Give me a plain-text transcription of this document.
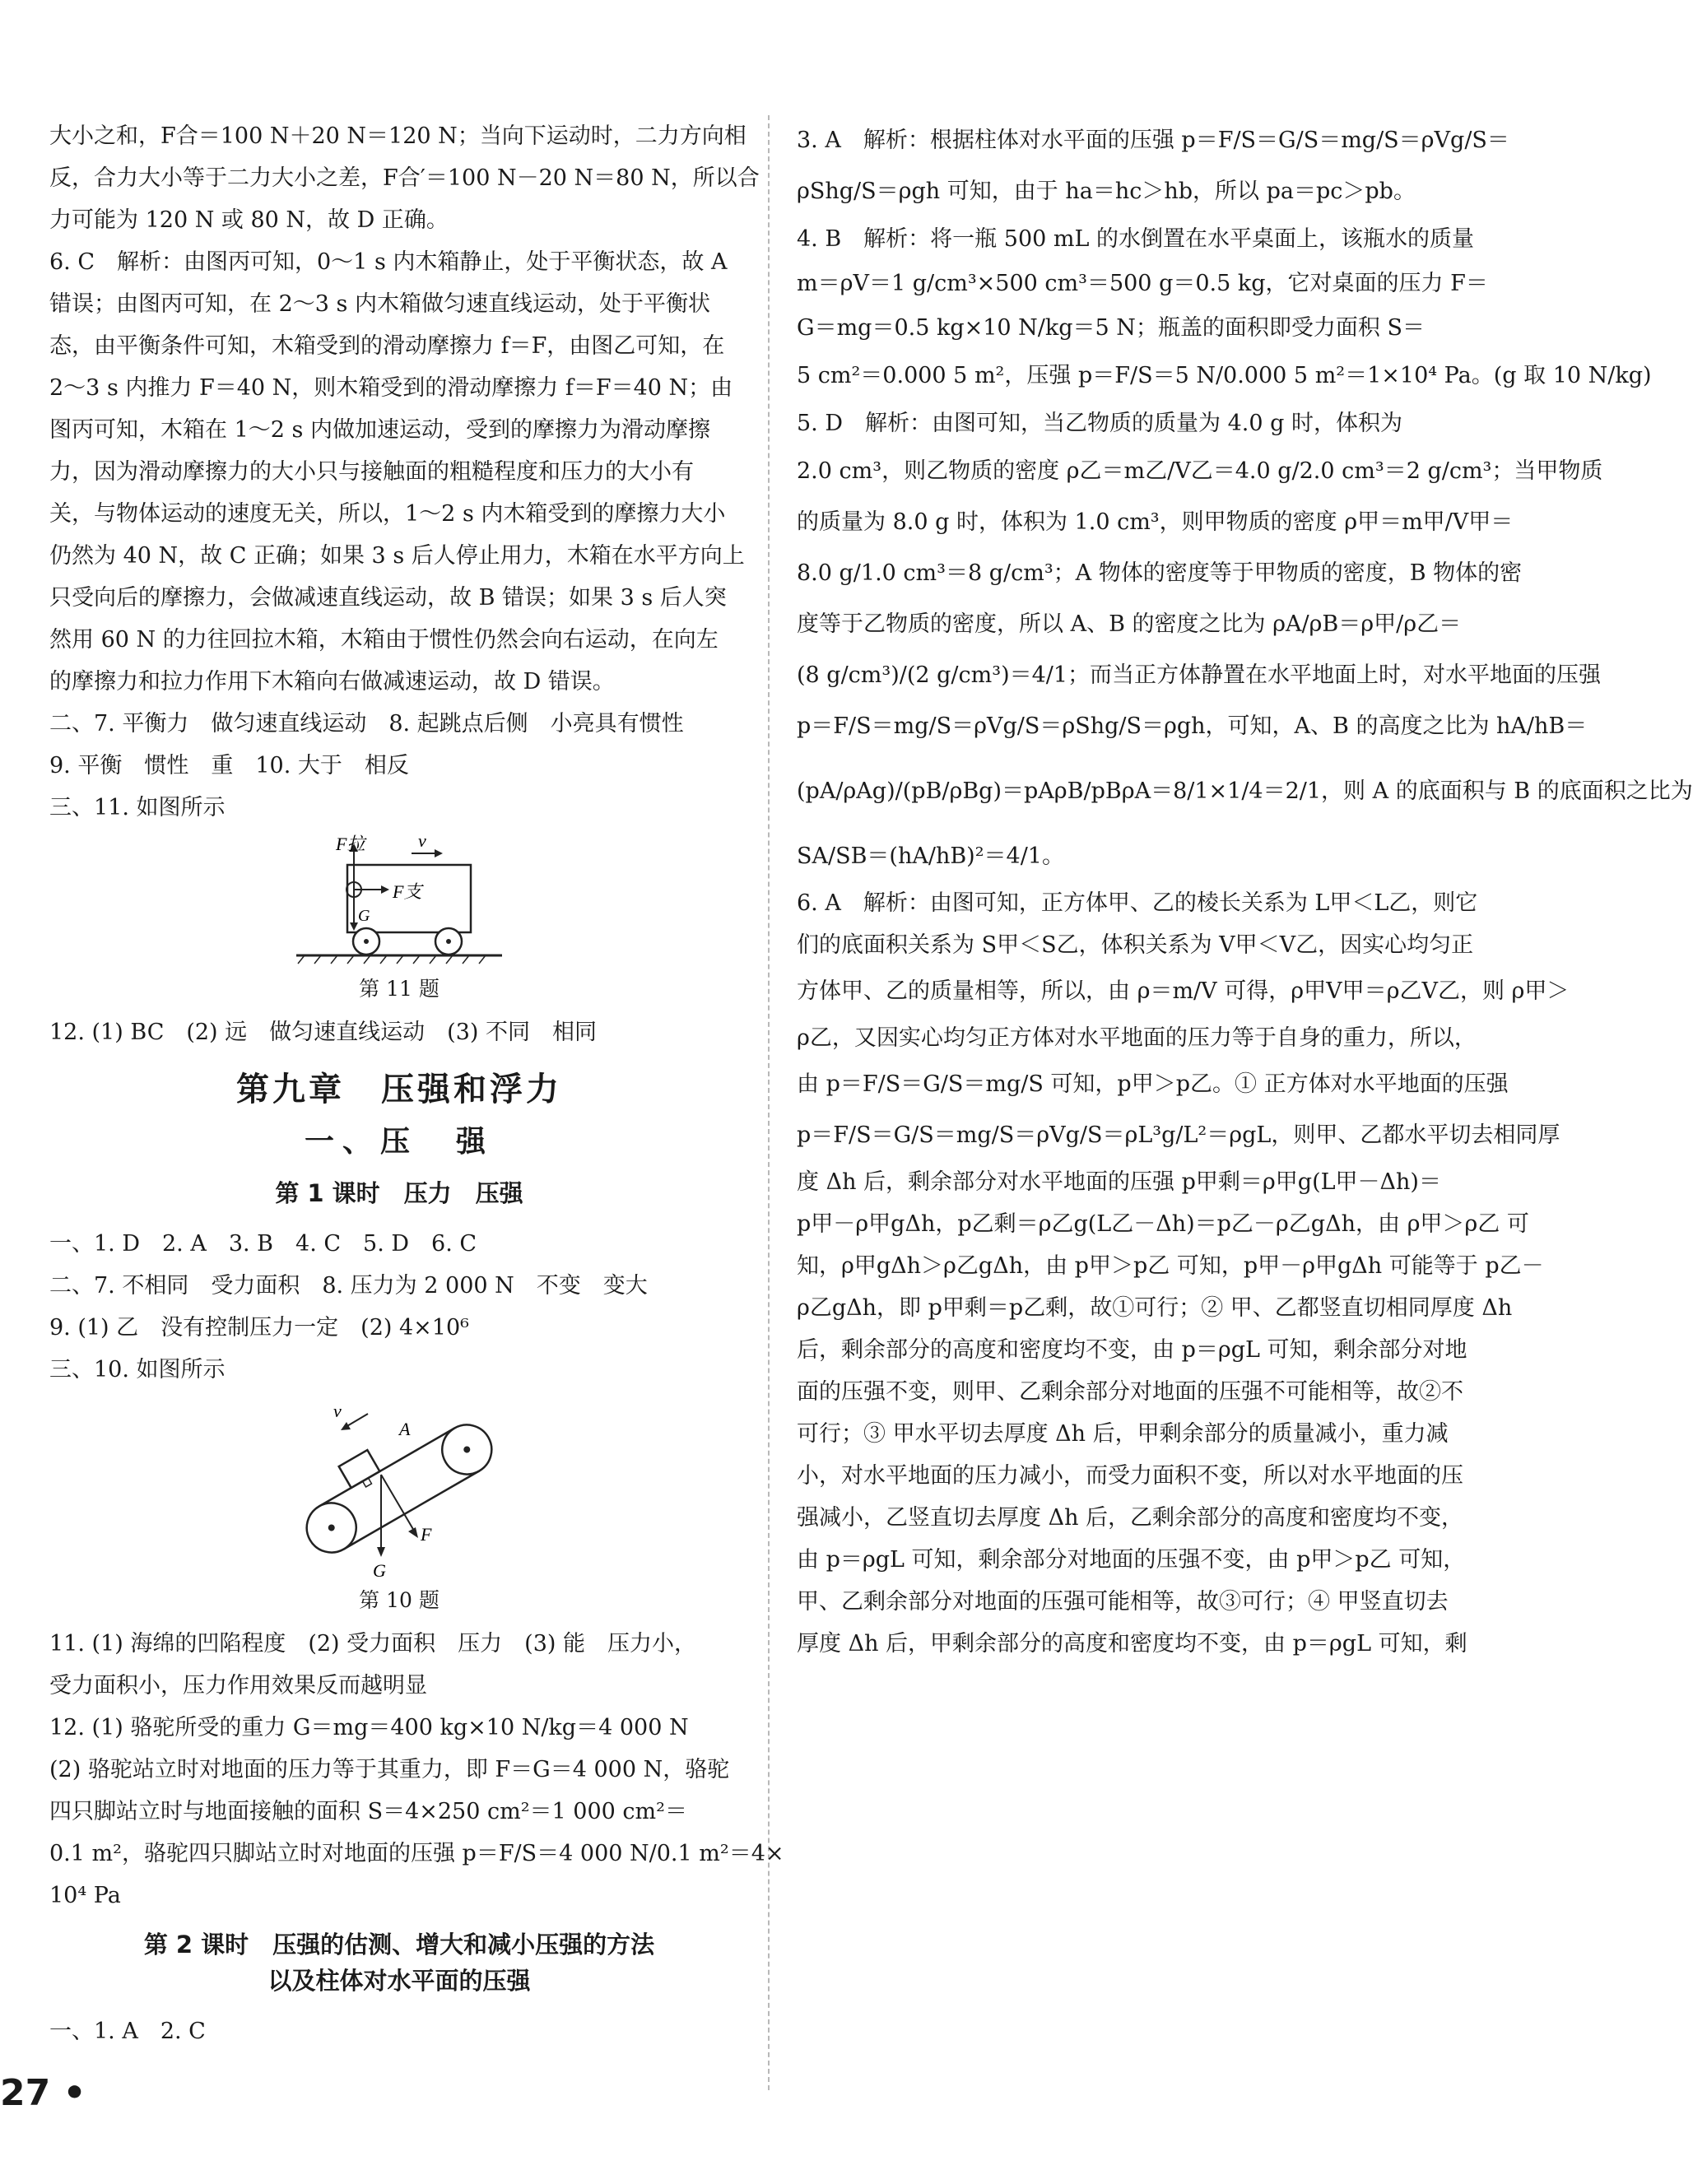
大小之和，F合＝100 N＋20 N＝120 N；当向下运动时，二力方向相

反，合力大小等于二力大小之差，F合′＝100 N－20 N＝80 N，所以合

力可能为 120 N 或 80 N，故 D 正确。

6. C　解析：由图丙可知，0～1 s 内木箱静止，处于平衡状态，故 A

错误；由图丙可知，在 2～3 s 内木箱做匀速直线运动，处于平衡状

态，由平衡条件可知，木箱受到的滑动摩擦力 f＝F，由图乙可知，在

2～3 s 内推力 F＝40 N，则木箱受到的滑动摩擦力 f＝F＝40 N；由

图丙可知，木箱在 1～2 s 内做加速运动，受到的摩擦力为滑动摩擦

力，因为滑动摩擦力的大小只与接触面的粗糙程度和压力的大小有

关，与物体运动的速度无关，所以，1～2 s 内木箱受到的摩擦力大小

仍然为 40 N，故 C 正确；如果 3 s 后人停止用力，木箱在水平方向上

只受向后的摩擦力，会做减速直线运动，故 B 错误；如果 3 s 后人突

然用 60 N 的力往回拉木箱，木箱由于惯性仍然会向右运动，在向左

的摩擦力和拉力作用下木箱向右做减速运动，故 D 错误。

二、7. 平衡力　做匀速直线运动　8. 起跳点后侧　小亮具有惯性

9. 平衡　惯性　重　10. 大于　相反

三、11. 如图所示

F拉	v
F支
G
第 11 题

12. (1) BC　(2) 远　做匀速直线运动　(3) 不同　相同

第九章　压强和浮力
一、压　强
第 1 课时　压力　压强

一、1. D　2. A　3. B　4. C　5. D　6. C

二、7. 不相同　受力面积　8. 压力为 2 000 N　不变　变大

9. (1) 乙　没有控制压力一定　(2) 4×10⁶

三、10. 如图所示

v
A
F
G
第 10 题

11. (1) 海绵的凹陷程度　(2) 受力面积　压力　(3) 能　压力小，

受力面积小，压力作用效果反而越明显

12. (1) 骆驼所受的重力 G＝mg＝400 kg×10 N/kg＝4 000 N

(2) 骆驼站立时对地面的压力等于其重力，即 F＝G＝4 000 N，骆驼

四只脚站立时与地面接触的面积 S＝4×250 cm²＝1 000 cm²＝

0.1 m²，骆驼四只脚站立时对地面的压强 p＝F/S＝4 000 N/0.1 m²＝4×

10⁴ Pa

第 2 课时　压强的估测、增大和减小压强的方法
以及柱体对水平面的压强

一、1. A　2. C

3. A　解析：根据柱体对水平面的压强 p＝F/S＝G/S＝mg/S＝ρVg/S＝

ρShg/S＝ρgh 可知，由于 ha＝hc＞hb，所以 pa＝pc＞pb。

4. B　解析：将一瓶 500 mL 的水倒置在水平桌面上，该瓶水的质量

m＝ρV＝1 g/cm³×500 cm³＝500 g＝0.5 kg，它对桌面的压力 F＝

G＝mg＝0.5 kg×10 N/kg＝5 N；瓶盖的面积即受力面积 S＝

5 cm²＝0.000 5 m²，压强 p＝F/S＝5 N/0.000 5 m²＝1×10⁴ Pa。(g 取 10 N/kg)

5. D　解析：由图可知，当乙物质的质量为 4.0 g 时，体积为

2.0 cm³，则乙物质的密度 ρ乙＝m乙/V乙＝4.0 g/2.0 cm³＝2 g/cm³；当甲物质

的质量为 8.0 g 时，体积为 1.0 cm³，则甲物质的密度 ρ甲＝m甲/V甲＝

8.0 g/1.0 cm³＝8 g/cm³；A 物体的密度等于甲物质的密度，B 物体的密

度等于乙物质的密度，所以 A、B 的密度之比为 ρA/ρB＝ρ甲/ρ乙＝

(8 g/cm³)/(2 g/cm³)＝4/1；而当正方体静置在水平地面上时，对水平地面的压强

p＝F/S＝mg/S＝ρVg/S＝ρShg/S＝ρgh，可知，A、B 的高度之比为 hA/hB＝

(pA/ρAg)/(pB/ρBg)＝pAρB/pBρA＝8/1×1/4＝2/1，则 A 的底面积与 B 的底面积之比为

SA/SB＝(hA/hB)²＝4/1。

6. A　解析：由图可知，正方体甲、乙的棱长关系为 L甲＜L乙，则它

们的底面积关系为 S甲＜S乙，体积关系为 V甲＜V乙，因实心均匀正

方体甲、乙的质量相等，所以，由 ρ＝m/V 可得，ρ甲V甲＝ρ乙V乙，则 ρ甲＞

ρ乙，又因实心均匀正方体对水平地面的压力等于自身的重力，所以，

由 p＝F/S＝G/S＝mg/S 可知，p甲＞p乙。① 正方体对水平地面的压强

p＝F/S＝G/S＝mg/S＝ρVg/S＝ρL³g/L²＝ρgL，则甲、乙都水平切去相同厚

度 Δh 后，剩余部分对水平地面的压强 p甲剩＝ρ甲g(L甲－Δh)＝

p甲－ρ甲gΔh，p乙剩＝ρ乙g(L乙－Δh)＝p乙－ρ乙gΔh，由 ρ甲＞ρ乙 可

知，ρ甲gΔh＞ρ乙gΔh，由 p甲＞p乙 可知，p甲－ρ甲gΔh 可能等于 p乙－

ρ乙gΔh，即 p甲剩＝p乙剩，故①可行；② 甲、乙都竖直切相同厚度 Δh

后，剩余部分的高度和密度均不变，由 p＝ρgL 可知，剩余部分对地

面的压强不变，则甲、乙剩余部分对地面的压强不可能相等，故②不

可行；③ 甲水平切去厚度 Δh 后，甲剩余部分的质量减小，重力减

小，对水平地面的压力减小，而受力面积不变，所以对水平地面的压

强减小，乙竖直切去厚度 Δh 后，乙剩余部分的高度和密度均不变，

由 p＝ρgL 可知，剩余部分对地面的压强不变，由 p甲＞p乙 可知，

甲、乙剩余部分对地面的压强可能相等，故③可行；④ 甲竖直切去

厚度 Δh 后，甲剩余部分的高度和密度均不变，由 p＝ρgL 可知，剩

27 •
